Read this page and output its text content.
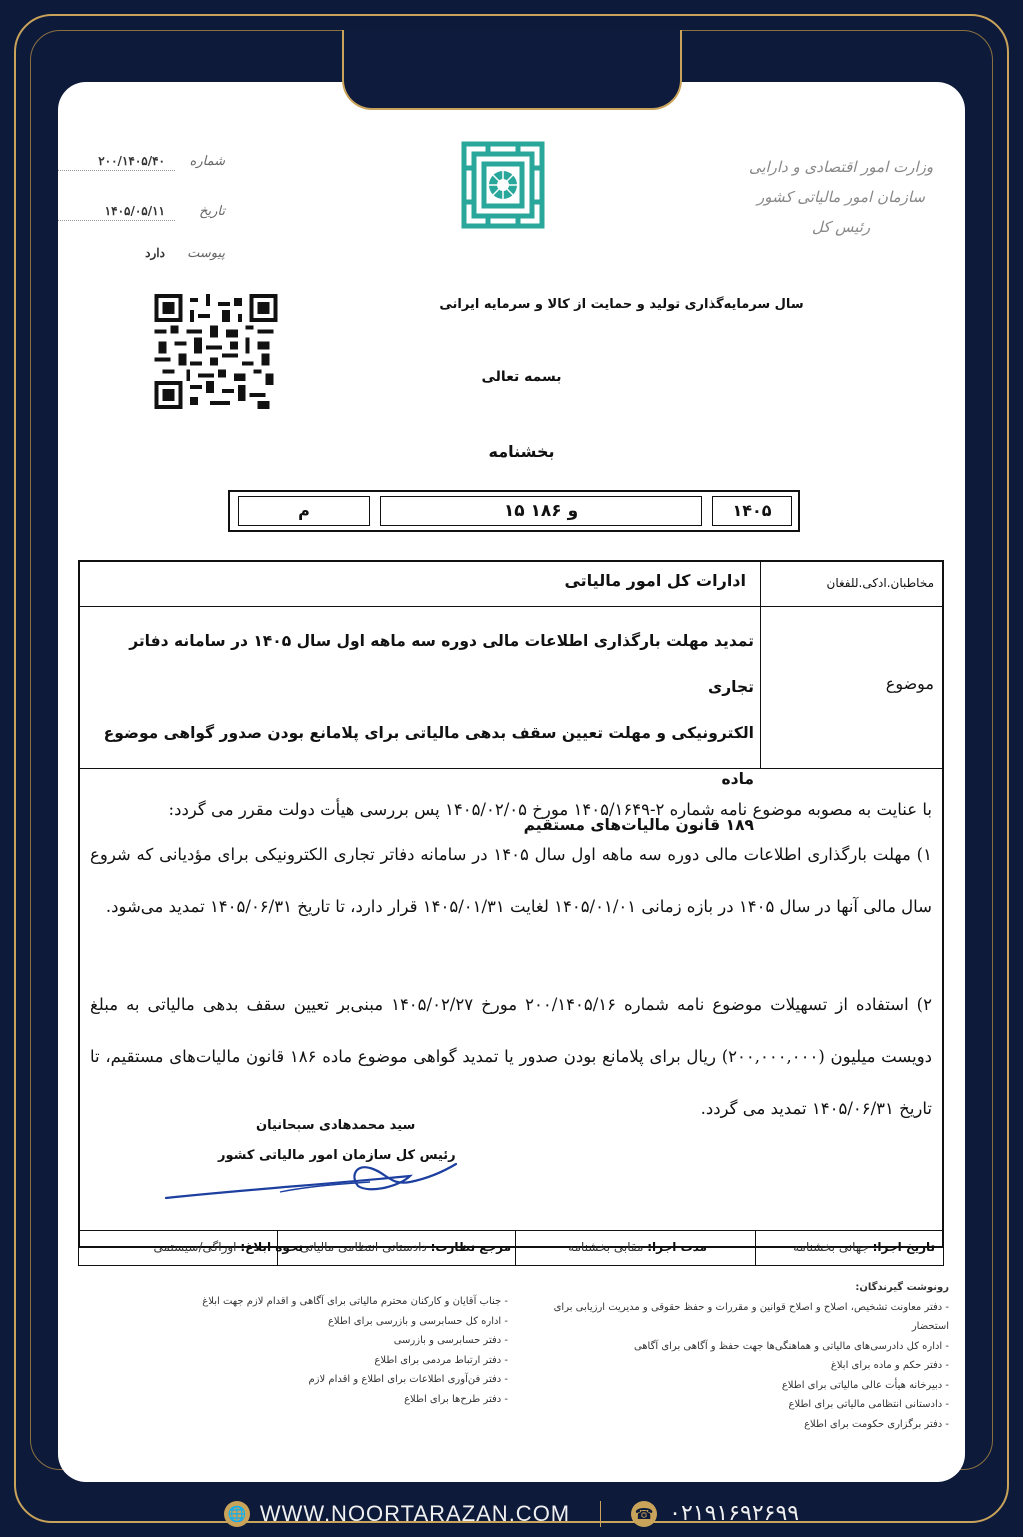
شماره
۲۰۰/۱۴۰۵/۴۰
تاریخ
۱۴۰۵/۰۵/۱۱
پیوست
دارد
وزارت امور اقتصادی و دارایی
سازمان امور مالیاتی کشور
رئیس کل
سال سرمایه‌گذاری تولید و حمایت از کالا و سرمایه ایرانی
بسمه تعالی
بخشنامه
۱۴۰۵
۱۵ و ۱۸۶
م
مخاطبان.ادکی.للفغان
ادارات کل امور مالیاتی
موضوع
تمدید مهلت بارگذاری اطلاعات مالی دوره سه ماهه اول سال ۱۴۰۵ در سامانه دفاتر تجاری
الکترونیکی و مهلت تعیین سقف بدهی مالیاتی برای پلامانع بودن صدور گواهی موضوع ماده
۱۸۹ قانون مالیات‌های مستقیم
با عنایت به مصوبه موضوع نامه شماره ۲-۱۴۰۵/۱۶۴۹ مورخ ۱۴۰۵/۰۲/۰۵ پس بررسی هیأت دولت مقرر می گردد:
۱) مهلت بارگذاری اطلاعات مالی دوره سه ماهه اول سال ۱۴۰۵ در سامانه دفاتر تجاری الکترونیکی برای مؤدیانی که شروع سال مالی آنها در سال ۱۴۰۵ در بازه زمانی ۱۴۰۵/۰۱/۰۱ لغایت ۱۴۰۵/۰۱/۳۱ قرار دارد، تا تاریخ ۱۴۰۵/۰۶/۳۱ تمدید می‌شود.
۲) استفاده از تسهیلات موضوع نامه شماره ۲۰۰/۱۴۰۵/۱۶ مورخ ۱۴۰۵/۰۲/۲۷ مبنی‌بر تعیین سقف بدهی مالیاتی به مبلغ دویست میلیون (۲۰۰,۰۰۰,۰۰۰) ریال برای پلامانع بودن صدور یا تمدید گواهی موضوع ماده ۱۸۶ قانون مالیات‌های مستقیم، تا تاریخ ۱۴۰۵/۰۶/۳۱ تمدید می گردد.
سید محمدهادی سبحانیان
رئیس کل سازمان امور مالیاتی کشور
تاریخ اجرا: جهانی بخشنامه
مدت اجرا: مقابی بخشنامه
مرجع نظارت: دادستانی انتظامی مالیاتی
نحوه ابلاغ: اوراگی/سیستمی
رونوشت گیرندگان:
- دفتر معاونت تشخیص، اصلاح و اصلاح قوانین و مقررات و حفظ حقوقی و مدیریت ارزیابی برای استحضار
- اداره کل دادرسی‌های مالیاتی و هماهنگی‌ها جهت حفظ و آگاهی برای آگاهی
- دفتر حکم و ماده برای ابلاغ
- دبیرخانه هیأت عالی مالیاتی برای اطلاع
- دادستانی انتظامی مالیاتی برای اطلاع
- دفتر برگزاری حکومت برای اطلاع
- جناب آقایان و کارکنان محترم مالیاتی برای آگاهی و اقدام لازم جهت ابلاغ
- اداره کل حسابرسی و بازرسی برای اطلاع
- دفتر حسابرسی و بازرسی
- دفتر ارتباط مردمی برای اطلاع
- دفتر فن‌آوری اطلاعات برای اطلاع و اقدام لازم
- دفتر طرح‌ها برای اطلاع
🌐 WWW.NOORTARAZAN.COM	☎ ۰۲۱۹۱۶۹۲۶۹۹
